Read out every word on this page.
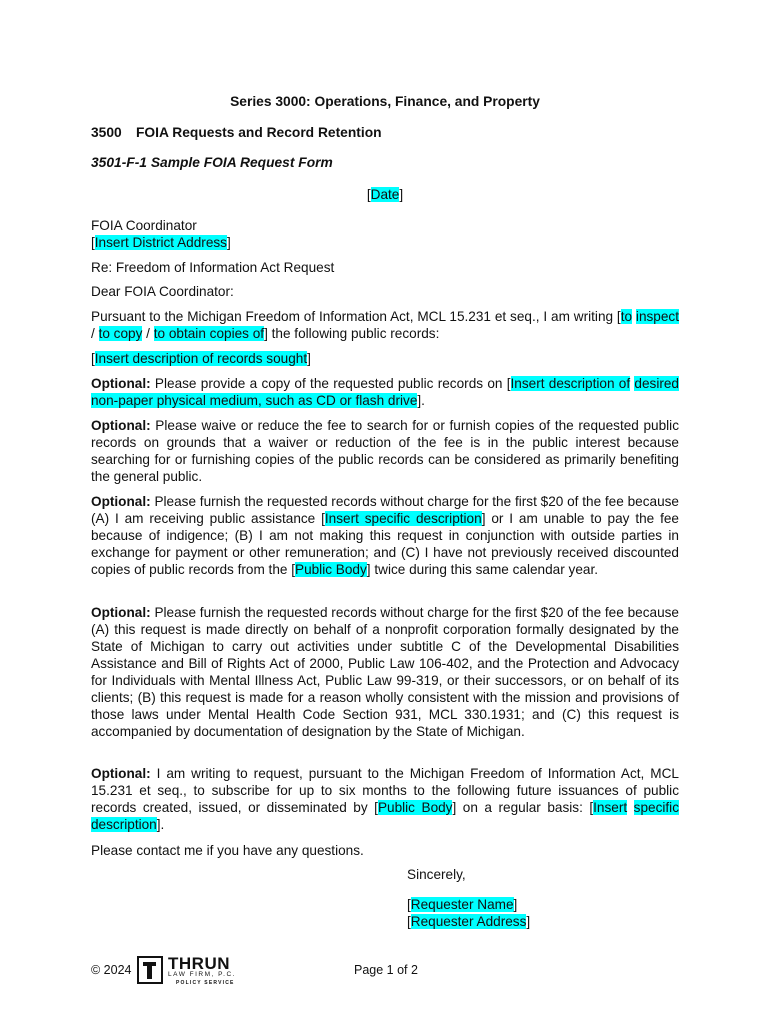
Series 3000: Operations, Finance, and Property
3500 FOIA Requests and Record Retention
3501-F-1 Sample FOIA Request Form
[Date]
FOIA Coordinator
[Insert District Address]
Re: Freedom of Information Act Request
Dear FOIA Coordinator:
Pursuant to the Michigan Freedom of Information Act, MCL 15.231 et seq., I am writing [to inspect / to copy / to obtain copies of] the following public records:
[Insert description of records sought]
Optional: Please provide a copy of the requested public records on [Insert description of desired non-paper physical medium, such as CD or flash drive].
Optional: Please waive or reduce the fee to search for or furnish copies of the requested public records on grounds that a waiver or reduction of the fee is in the public interest because searching for or furnishing copies of the public records can be considered as primarily benefiting the general public.
Optional: Please furnish the requested records without charge for the first $20 of the fee because (A) I am receiving public assistance [Insert specific description] or I am unable to pay the fee because of indigence; (B) I am not making this request in conjunction with outside parties in exchange for payment or other remuneration; and (C) I have not previously received discounted copies of public records from the [Public Body] twice during this same calendar year.
Optional: Please furnish the requested records without charge for the first $20 of the fee because (A) this request is made directly on behalf of a nonprofit corporation formally designated by the State of Michigan to carry out activities under subtitle C of the Developmental Disabilities Assistance and Bill of Rights Act of 2000, Public Law 106-402, and the Protection and Advocacy for Individuals with Mental Illness Act, Public Law 99-319, or their successors, or on behalf of its clients; (B) this request is made for a reason wholly consistent with the mission and provisions of those laws under Mental Health Code Section 931, MCL 330.1931; and (C) this request is accompanied by documentation of designation by the State of Michigan.
Optional: I am writing to request, pursuant to the Michigan Freedom of Information Act, MCL 15.231 et seq., to subscribe for up to six months to the following future issuances of public records created, issued, or disseminated by [Public Body] on a regular basis: [Insert specific description].
Please contact me if you have any questions.
Sincerely,
[Requester Name]
[Requester Address]
© 2024 THRUN
LAW FIRM, P.C.
POLICY SERVICE
Page 1 of 2
